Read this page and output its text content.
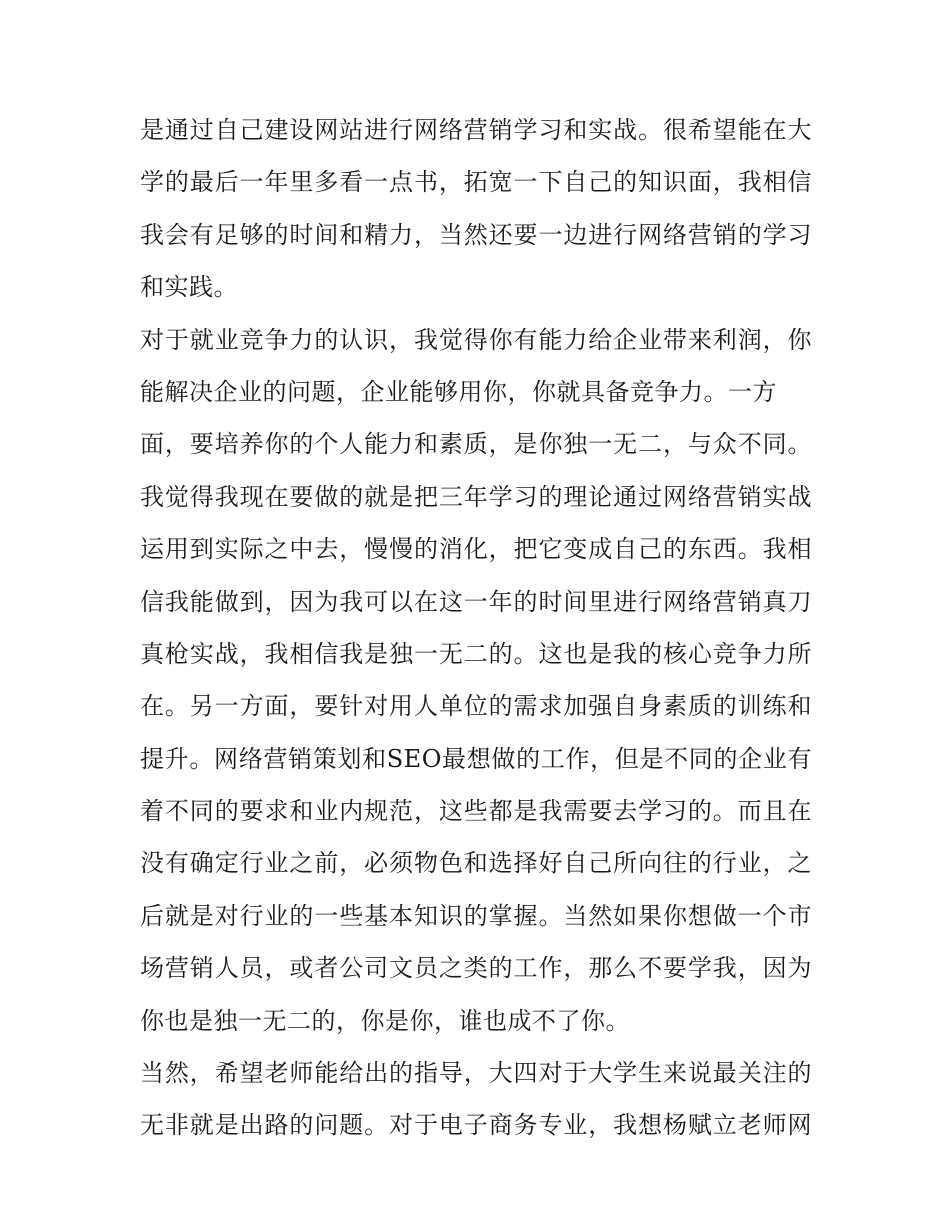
是通过自己建设网站进行网络营销学习和实战。很希望能在大
学的最后一年里多看一点书，拓宽一下自己的知识面，我相信
我会有足够的时间和精力，当然还要一边进行网络营销的学习
和实践。
对于就业竞争力的认识，我觉得你有能力给企业带来利润，你
能解决企业的问题，企业能够用你，你就具备竞争力。一方
面，要培养你的个人能力和素质，是你独一无二，与众不同。
我觉得我现在要做的就是把三年学习的理论通过网络营销实战
运用到实际之中去，慢慢的消化，把它变成自己的东西。我相
信我能做到，因为我可以在这一年的时间里进行网络营销真刀
真枪实战，我相信我是独一无二的。这也是我的核心竞争力所
在。另一方面，要针对用人单位的需求加强自身素质的训练和
提升。网络营销策划和SEO最想做的工作，但是不同的企业有
着不同的要求和业内规范，这些都是我需要去学习的。而且在
没有确定行业之前，必须物色和选择好自己所向往的行业，之
后就是对行业的一些基本知识的掌握。当然如果你想做一个市
场营销人员，或者公司文员之类的工作，那么不要学我，因为
你也是独一无二的，你是你，谁也成不了你。
当然，希望老师能给出的指导，大四对于大学生来说最关注的
无非就是出路的问题。对于电子商务专业，我想杨赋立老师网
